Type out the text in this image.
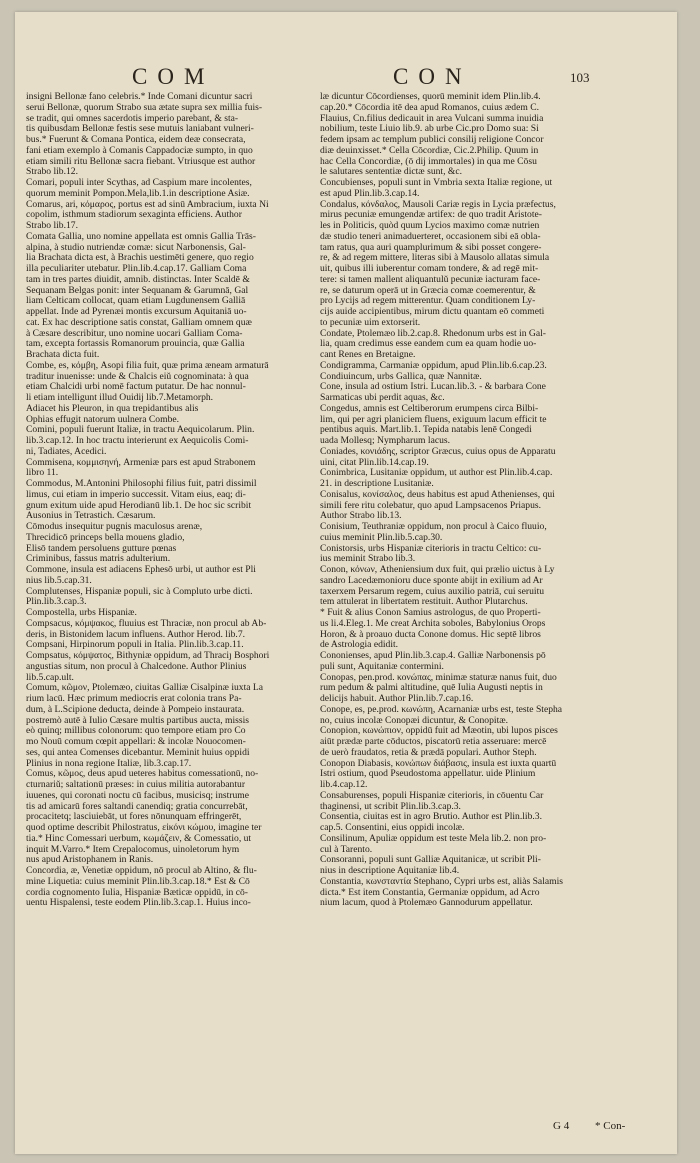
COM	CON	103
insigni Bellonæ fano celebris.* Inde Comani dicuntur sacri
serui Bellonæ, quorum Strabo sua ætate supra sex millia fuis-
se tradit, qui omnes sacerdotis imperio parebant, & sta-
tis quibusdam Bellonæ festis sese mutuis laniabant vulneri-
bus.* Fuerunt & Comana Pontica, eidem deæ consecrata,
fani etiam exemplo à Comanis Cappadociæ sumpto, in quo
etiam simili ritu Bellonæ sacra fiebant. Vtriusque est author
Strabo lib.12.
Comari, populi inter Scythas, ad Caspium mare incolentes,
quorum meminit Pompon.Mela,lib.1.in descriptione Asiæ.
Comarus, ari, κόμαρος, portus est ad sinū Ambracium, iuxta Ni
copolim, isthmum stadiorum sexaginta efficiens. Author
Strabo lib.17.
Comata Gallia, uno nomine appellata est omnis Gallia Trās-
alpina, à studio nutriendæ comæ: sicut Narbonensis, Gal-
lia Brachata dicta est, à Brachis uestimēti genere, quo regio
illa peculiariter utebatur. Plin.lib.4.cap.17. Galliam Coma
tam in tres partes diuidit, amnib. distinctas. Inter Scaldē &
Sequanam Belgas ponit: inter Sequanam & Garumnā, Gal
liam Celticam collocat, quam etiam Lugdunensem Galliā
appellat. Inde ad Pyrenæi montis excursum Aquitaniā uo-
cat. Ex hac descriptione satis constat, Galliam omnem quæ
à Cæsare describitur, uno nomine uocari Galliam Coma-
tam, excepta fortassis Romanorum prouincia, quæ Gallia
Brachata dicta fuit.
Combe, es, κόμβη, Asopi filia fuit, quæ prima æneam armaturā
traditur inuenisse: unde & Chalcis eiŭ cognominata: à qua
etiam Chalcidi urbi nomē factum putatur. De hac nonnul-
li etiam intelligunt illud Ouidij lib.7.Metamorph.
Adiacet his Pleuron, in qua trepidantibus alis
Ophias effugit natorum uulnera Combe.
Comini, populi fuerunt Italiæ, in tractu Aequicolarum. Plin.
lib.3.cap.12. In hoc tractu interierunt ex Aequicolis Comi-
ni, Tadiates, Acedici.
Commisena, κομμισηνή, Armeniæ pars est apud Strabonem
libro 11.
Commodus, M.Antonini Philosophi filius fuit, patri dissimil
limus, cui etiam in imperio successit. Vitam eius, eaq; di-
gnum exitum uide apud Herodianū lib.1. De hoc sic scribit
Ausonius in Tetrastich. Cæsarum.
Cōmodus insequitur pugnis maculosus arenæ,
Threcidicō princeps bella mouens gladio,
Elisō tandem persoluens gutture pœnas
Criminibus, fassus matris adulterium.
Commone, insula est adiacens Ephesō urbi, ut author est Pli
nius lib.5.cap.31.
Complutenses, Hispaniæ populi, sic à Compluto urbe dicti.
Plin.lib.3.cap.3.
Compostella, urbs Hispaniæ.
Compsacus, κόμψακος, fluuius est Thraciæ, non procul ab Ab-
deris, in Bistonidem lacum influens. Author Herod. lib.7.
Compsani, Hirpinorum populi in Italia. Plin.lib.3.cap.11.
Compsatus, κόμψατος, Bithyniæ oppidum, ad Thraciȷ Bosphori
angustias situm, non procul à Chalcedone. Author Plinius
lib.5.cap.ult.
Comum, κῶμον, Ptolemæo, ciuitas Galliæ Cisalpinæ iuxta La
rium lacū. Hæc primum mediocris erat colonia trans Pa-
dum, à L.Scipione deducta, deinde à Pompeio instaurata.
postremò autē à Iulio Cæsare multis partibus aucta, missis
eò quinq; millibus colonorum: quo tempore etiam pro Co
mo Nouū comum cœpit appellari: & incolæ Nouocomen-
ses, qui antea Comenses dicebantur. Meminit huius oppidi
Plinius in nona regione Italiæ, lib.3.cap.17.
Comus, κῶμος, deus apud ueteres habitus comessationū, no-
cturnariŭ; saltationū præses: in cuius militia autorabantur
iuuenes, qui coronati noctu cū facibus, musicisq; instrume
tis ad amicarū fores saltandi canendiq; gratia concurrebāt,
procacitetq; lasciuiebāt, ut fores nōnunquam effringerēt,
quod optime describit Philostratus, εἰκόνι κώμου, imagine ter
tia.* Hinc Comessari uerbum, κωμάζειν, & Comessatio, ut
inquit M.Varro.* Item Crepalocomus, uinoletorum hym
nus apud Aristophanem in Ranis.
Concordia, æ, Venetiæ oppidum, nō procul ab Altino, & flu-
mine Liquetia: cuius meminit Plin.lib.3.cap.18.* Est & Cō
cordia cognomento Iulia, Hispaniæ Bæticæ oppidū, in cō-
uentu Hispalensi, teste eodem Plin.lib.3.cap.1. Huius inco-
læ dicuntur Cōcordienses, quorū meminit idem Plin.lib.4.
cap.20.* Cōcordia itē dea apud Romanos, cuius ædem C.
Flauius, Cn.filius dedicauit in area Vulcani summa inuidia
nobilium, teste Liuio lib.9. ab urbe Cic.pro Domo sua: Si
fedem ipsam ac templum publici consilij religione Concor
diæ deuinxisset.* Cella Cōcordiæ, Cic.2.Philip. Quum in
hac Cella Concordiæ, (ō dij immortales) in qua me Cōsu
le salutares sententiæ dictæ sunt, &c.
Concubienses, populi sunt in Vmbria sexta Italiæ regione, ut
est apud Plin.lib.3.cap.14.
Condalus, κόνδαλος, Mausoli Cariæ regis in Lycia præfectus,
mirus pecuniæ emungendæ artifex: de quo tradit Aristote-
les in Politicis, quòd quum Lycios maximo comæ nutrien
dæ studio teneri animaduerteret, occasionem sibi eā obla-
tam ratus, qua auri quamplurimum & sibi posset congere-
re, & ad regem mittere, literas sibi à Mausolo allatas simula
uit, quibus illi iuberentur comam tondere, & ad regē mit-
tere: si tamen mallent aliquantulŭ pecuniæ iacturam face-
re, se daturum operā ut in Græcia comæ coemerentur, &
pro Lycijs ad regem mitterentur. Quam conditionem Ly-
cijs auide accipientibus, mirum dictu quantam eō commeti
to pecuniæ uim extorserit.
Condate, Ptolemæo lib.2.cap.8. Rhedonum urbs est in Gal-
lia, quam credimus esse eandem cum ea quam hodie uo-
cant Renes en Bretaigne.
Condigramma, Carmaniæ oppidum, apud Plin.lib.6.cap.23.
Condiuincum, urbs Gallica, quæ Nannitæ.
Cone, insula ad ostium Istri. Lucan.lib.3. - & barbara Cone
Sarmaticas ubi perdit aquas, &c.
Congedus, amnis est Celtiberorum erumpens circa Bilbi-
lim, qui per agri planiciem fluens, exiguum lacum efficit te
pentibus aquis. Mart.lib.1. Tepida natabis lenē Congedi
uada Mollesq; Nympharum lacus.
Coniades, κονιάδης, scriptor Græcus, cuius opus de Apparatu
uini, citat Plin.lib.14.cap.19.
Conimbrica, Lusitaniæ oppidum, ut author est Plin.lib.4.cap.
21. in descriptione Lusitaniæ.
Conisalus, κονίσαλος, deus habitus est apud Athenienses, qui
simili fere ritu colebatur, quo apud Lampsacenos Priapus.
Author Strabo lib.13.
Conisium, Teuthraniæ oppidum, non procul à Caico fluuio,
cuius meminit Plin.lib.5.cap.30.
Conistorsis, urbs Hispaniæ citerioris in tractu Celtico: cu-
ius meminit Strabo lib.3.
Conon, κόνων, Atheniensium dux fuit, qui prælio uictus à Ly
sandro Lacedæmonioru duce sponte abijt in exilium ad Ar
taxerxem Persarum regem, cuius auxilio patriā, cui seruitu
tem attulerat in libertatem restituit. Author Plutarchus.
* Fuit & alius Conon Samius astrologus, de quo Properti-
us li.4.Eleg.1. Me creat Archita soboles, Babylonius Orops
Horon, & à proauo ducta Conone domus. Hic septē libros
de Astrologia edidit.
Cononienses, apud Plin.lib.3.cap.4. Galliæ Narbonensis pō
puli sunt, Aquitaniæ contermini.
Conopas, pen.prod. κονώπας, minimæ staturæ nanus fuit, duo
rum pedum & palmi altitudine, quē Iulia Augusti neptis in
delicijs habuit. Author Plin.lib.7.cap.16.
Conope, es, pe.prod. κωνώπη, Acarnaniæ urbs est, teste Stepha
no, cuius incolæ Conopæi dicuntur, & Conopitæ.
Conopion, κωνώπιον, oppidū fuit ad Mæotin, ubi lupos pisces
aiūt prædæ parte cōductos, piscatorū retia asseruare: mercē
de uerò fraudatos, retia & prædā populari. Author Steph.
Conopon Diabasis, κονώπων διάβασις, insula est iuxta quartū
Istri ostium, quod Pseudostoma appellatur. uide Plinium
lib.4.cap.12.
Consaburenses, populi Hispaniæ citerioris, in cōuentu Car
thaginensi, ut scribit Plin.lib.3.cap.3.
Consentia, ciuitas est in agro Brutio. Author est Plin.lib.3.
cap.5. Consentini, eius oppidi incolæ.
Consilinum, Apuliæ oppidum est teste Mela lib.2. non pro-
cul à Tarento.
Consoranni, populi sunt Galliæ Aquitanicæ, ut scribit Pli-
nius in descriptione Aquitaniæ lib.4.
Constantia, κωνσταντία Stephano, Cypri urbs est, aliàs Salamis
dicta.* Est item Constantia, Germaniæ oppidum, ad Acro
nium lacum, quod à Ptolemæo Gannodurum appellatur.
G 4 * Con-
